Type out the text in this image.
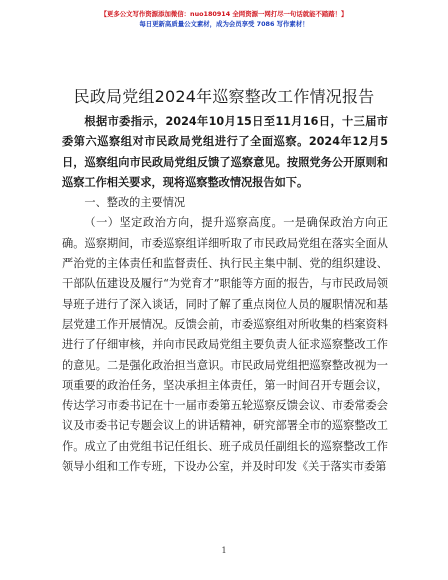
【更多公文写作资源添加微信：nuo180914 全网资源一网打尽一句话就能不踏踏！】
每日更新高质量公文素材，成为会员享受 7086 写作素材！
民政局党组2024年巡察整改工作情况报告

根据市委指示，2024年10月15日至11月16日，十三届市委第六巡察组对市民政局党组进行了全面巡察。2024年12月5日，巡察组向市民政局党组反馈了巡察意见。按照党务公开原则和巡察工作相关要求，现将巡察整改情况报告如下。

一、整改的主要情况

（一）坚定政治方向，提升巡察高度。一是确保政治方向正确。巡察期间，市委巡察组详细听取了市民政局党组在落实全面从严治党的主体责任和监督责任、执行民主集中制、党的组织建设、干部队伍建设及履行“为党育才”职能等方面的报告，与市民政局领导班子进行了深入谈话，同时了解了重点岗位人员的履职情况和基层党建工作开展情况。反馈会前，市委巡察组对所收集的档案资料进行了仔细审核，并向市民政局党组主要负责人征求巡察整改工作的意见。二是强化政治担当意识。市民政局党组把巡察整改视为一项重要的政治任务，坚决承担主体责任，第一时间召开专题会议，传达学习市委书记在十一届市委第五轮巡察反馈会议、市委常委会议及市委书记专题会议上的讲话精神，研究部署全市的巡察整改工作。成立了由党组书记任组长、班子成员任副组长的巡察整改工作领导小组和工作专班，下设办公室，并及时印发《关于落实市委第

1
